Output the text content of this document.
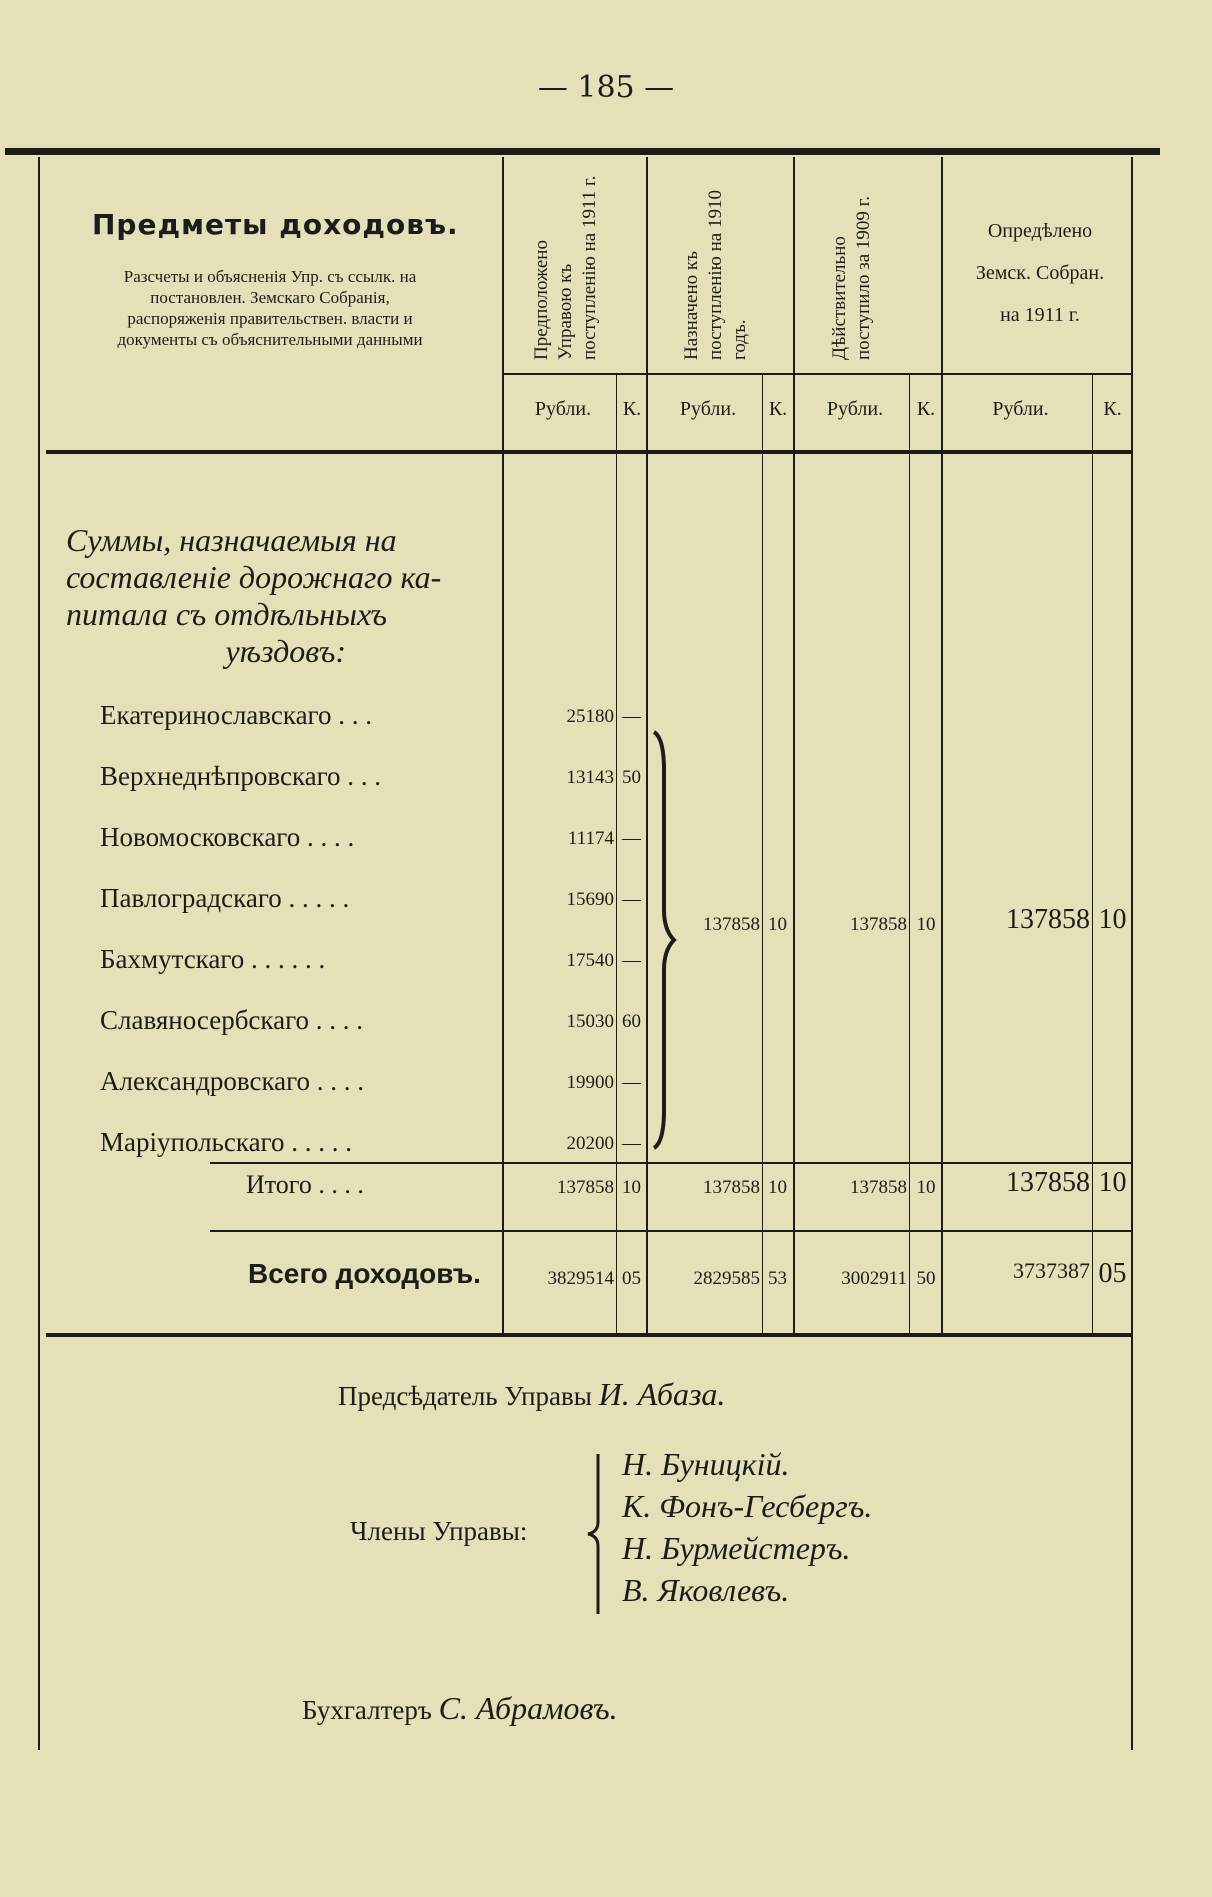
— 185 —
Предметы доходовъ.
Разсчеты и объясненія Упр. съ ссылк. на постановлен. Земскаго Собранія, распоряженія правительствен. власти и документы съ объяснительными данными	Предположено Управою къ поступленію на 1911 г.	Назначено къ поступленію на 1910 годъ.	Дѣйствительно поступило за 1909 г.	Опредѣлено
Земск. Собран.
на 1911 г.
Рубли.	К.	Рубли.	К.	Рубли.	К.	Рубли.	К.
Суммы, назначаемыя на
составленіе дорожнаго ка-
питала съ отдѣльныхъ
уѣздовъ:
Екатеринославскаго . . .	25180 —
Верхнеднѣпровскаго . . .	13143 50
Новомосковскаго . . . .	11174 —
Павлоградскаго . . . . .	15690 —
Бахмутскаго . . . . . .	17540 —
Славяносербскаго . . . .	15030 60
Александровскаго . . . .	19900 —
Маріупольскаго . . . . .	20200 —
137858 10	137858 10	137858 10
Итого . . . .	137858 10	137858 10	137858 10	137858 10
Всего доходовъ.	3829514 05	2829585 53	3002911 50	3737387 05
Предсѣдатель Управы И. Абаза.
Члены Управы:
Н. Буницкій.
К. Фонъ-Гесбергъ.
Н. Бурмейстеръ.
В. Яковлевъ.
Бухгалтеръ С. Абрамовъ.
